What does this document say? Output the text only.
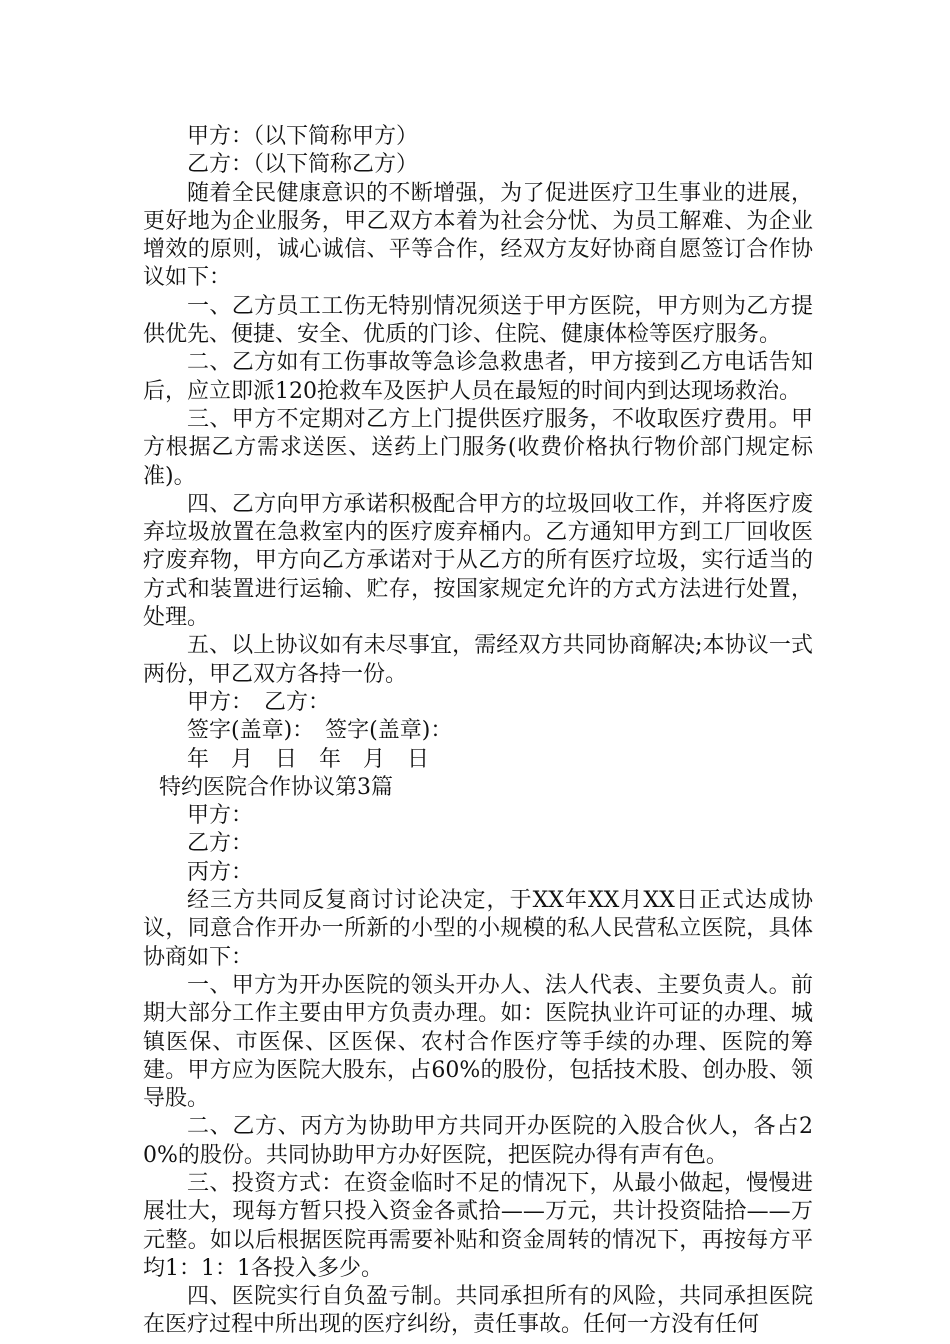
甲方：（以下简称甲方）

乙方：（以下简称乙方）

随着全民健康意识的不断增强，为了促进医疗卫生事业的进展，更好地为企业服务，甲乙双方本着为社会分忧、为员工解难、为企业增效的原则，诚心诚信、平等合作，经双方友好协商自愿签订合作协议如下：

一、乙方员工工伤无特别情况须送于甲方医院，甲方则为乙方提供优先、便捷、安全、优质的门诊、住院、健康体检等医疗服务。

二、乙方如有工伤事故等急诊急救患者，甲方接到乙方电话告知后，应立即派120抢救车及医护人员在最短的时间内到达现场救治。

三、甲方不定期对乙方上门提供医疗服务，不收取医疗费用。甲方根据乙方需求送医、送药上门服务(收费价格执行物价部门规定标准)。

四、乙方向甲方承诺积极配合甲方的垃圾回收工作，并将医疗废弃垃圾放置在急救室内的医疗废弃桶内。乙方通知甲方到工厂回收医疗废弃物，甲方向乙方承诺对于从乙方的所有医疗垃圾，实行适当的方式和装置进行运输、贮存，按国家规定允许的方式方法进行处置，处理。

五、以上协议如有未尽事宜，需经双方共同协商解决;本协议一式两份，甲乙双方各持一份。

甲方：　乙方：

签字(盖章)：　签字(盖章)：

年　月　日　年　月　日

特约医院合作协议第3篇

甲方：

乙方：

丙方：

经三方共同反复商讨讨论决定，于XX年XX月XX日正式达成协议，同意合作开办一所新的小型的小规模的私人民营私立医院，具体协商如下：

一、甲方为开办医院的领头开办人、法人代表、主要负责人。前期大部分工作主要由甲方负责办理。如：医院执业许可证的办理、城镇医保、市医保、区医保、农村合作医疗等手续的办理、医院的筹建。甲方应为医院大股东，占60%的股份，包括技术股、创办股、领导股。

二、乙方、丙方为协助甲方共同开办医院的入股合伙人，各占20%的股份。共同协助甲方办好医院，把医院办得有声有色。

三、投资方式：在资金临时不足的情况下，从最小做起，慢慢进展壮大，现每方暂只投入资金各贰拾——万元，共计投资陆拾——万元整。如以后根据医院再需要补贴和资金周转的情况下，再按每方平均1：1：1各投入多少。

四、医院实行自负盈亏制。共同承担所有的风险，共同承担医院在医疗过程中所出现的医疗纠纷，责任事故。任何一方没有任何
